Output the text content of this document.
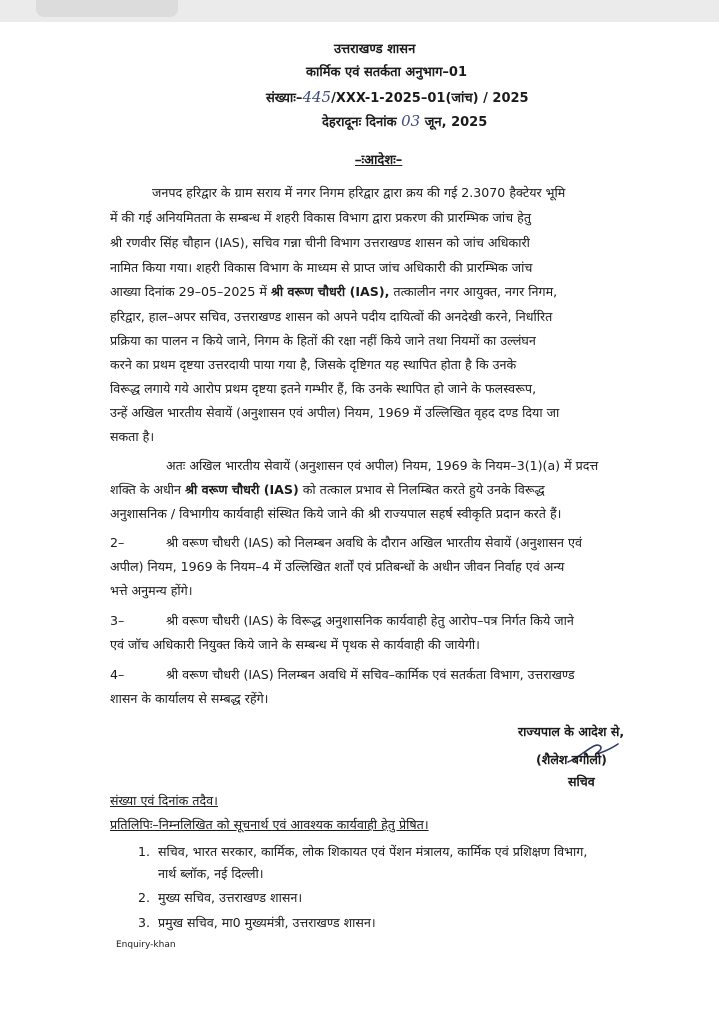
उत्तराखण्ड शासन
कार्मिक एवं सतर्कता अनुभाग–01
संख्याः–445/XXX-1-2025–01(जांच) / 2025
देहरादूनः दिनांक 03 जून, 2025
–ःआदेशः–
जनपद हरिद्वार के ग्राम सराय में नगर निगम हरिद्वार द्वारा क्रय की गई 2.3070 हैक्टेयर भूमि
में की गई अनियमितता के सम्बन्ध में शहरी विकास विभाग द्वारा प्रकरण की प्रारम्भिक जांच हेतु
श्री रणवीर सिंह चौहान (IAS), सचिव गन्ना चीनी विभाग उत्तराखण्ड शासन को जांच अधिकारी
नामित किया गया। शहरी विकास विभाग के माध्यम से प्राप्त जांच अधिकारी की प्रारम्भिक जांच
आख्या दिनांक 29–05–2025 में श्री वरूण चौधरी (IAS), तत्कालीन नगर आयुक्त, नगर निगम,
हरिद्वार, हाल–अपर सचिव, उत्तराखण्ड शासन को अपने पदीय दायित्वों की अनदेखी करने, निर्धारित
प्रक्रिया का पालन न किये जाने, निगम के हितों की रक्षा नहीं किये जाने तथा नियमों का उल्लंघन
करने का प्रथम दृष्टया उत्तरदायी पाया गया है, जिसके दृष्टिगत यह स्थापित होता है कि उनके
विरूद्ध लगाये गये आरोप प्रथम दृष्टया इतने गम्भीर हैं, कि उनके स्थापित हो जाने के फलस्वरूप,
उन्हें अखिल भारतीय सेवायें (अनुशासन एवं अपील) नियम, 1969 में उल्लिखित वृहद दण्ड दिया जा
सकता है।
अतः अखिल भारतीय सेवायें (अनुशासन एवं अपील) नियम, 1969 के नियम–3(1)(a) में प्रदत्त
शक्ति के अधीन श्री वरूण चौधरी (IAS) को तत्काल प्रभाव से निलम्बित करते हुये उनके विरूद्ध
अनुशासनिक / विभागीय कार्यवाही संस्थित किये जाने की श्री राज्यपाल सहर्ष स्वीकृति प्रदान करते हैं।
2–	श्री वरूण चौधरी (IAS) को निलम्बन अवधि के दौरान अखिल भारतीय सेवायें (अनुशासन एवं
अपील) नियम, 1969 के नियम–4 में उल्लिखित शर्तों एवं प्रतिबन्धों के अधीन जीवन निर्वाह एवं अन्य
भत्ते अनुमन्य होंगे।
3–	श्री वरूण चौधरी (IAS) के विरूद्ध अनुशासनिक कार्यवाही हेतु आरोप–पत्र निर्गत किये जाने
एवं जॉच अधिकारी नियुक्त किये जाने के सम्बन्ध में पृथक से कार्यवाही की जायेगी।
4–	श्री वरूण चौधरी (IAS) निलम्बन अवधि में सचिव–कार्मिक एवं सतर्कता विभाग, उत्तराखण्ड
शासन के कार्यालय से सम्बद्ध रहेंगे।
राज्यपाल के आदेश से,
(शैलेश बगौली)
सचिव
संख्या एवं दिनांक तदैव।
प्रतिलिपिः–निम्नलिखित को सूचनार्थ एवं आवश्यक कार्यवाही हेतु प्रेषित।
1. सचिव, भारत सरकार, कार्मिक, लोक शिकायत एवं पेंशन मंत्रालय, कार्मिक एवं प्रशिक्षण विभाग,
नार्थ ब्लॉक, नई दिल्ली।
2. मुख्य सचिव, उत्तराखण्ड शासन।
3. प्रमुख सचिव, मा0 मुख्यमंत्री, उत्तराखण्ड शासन।
Enquiry-khan
